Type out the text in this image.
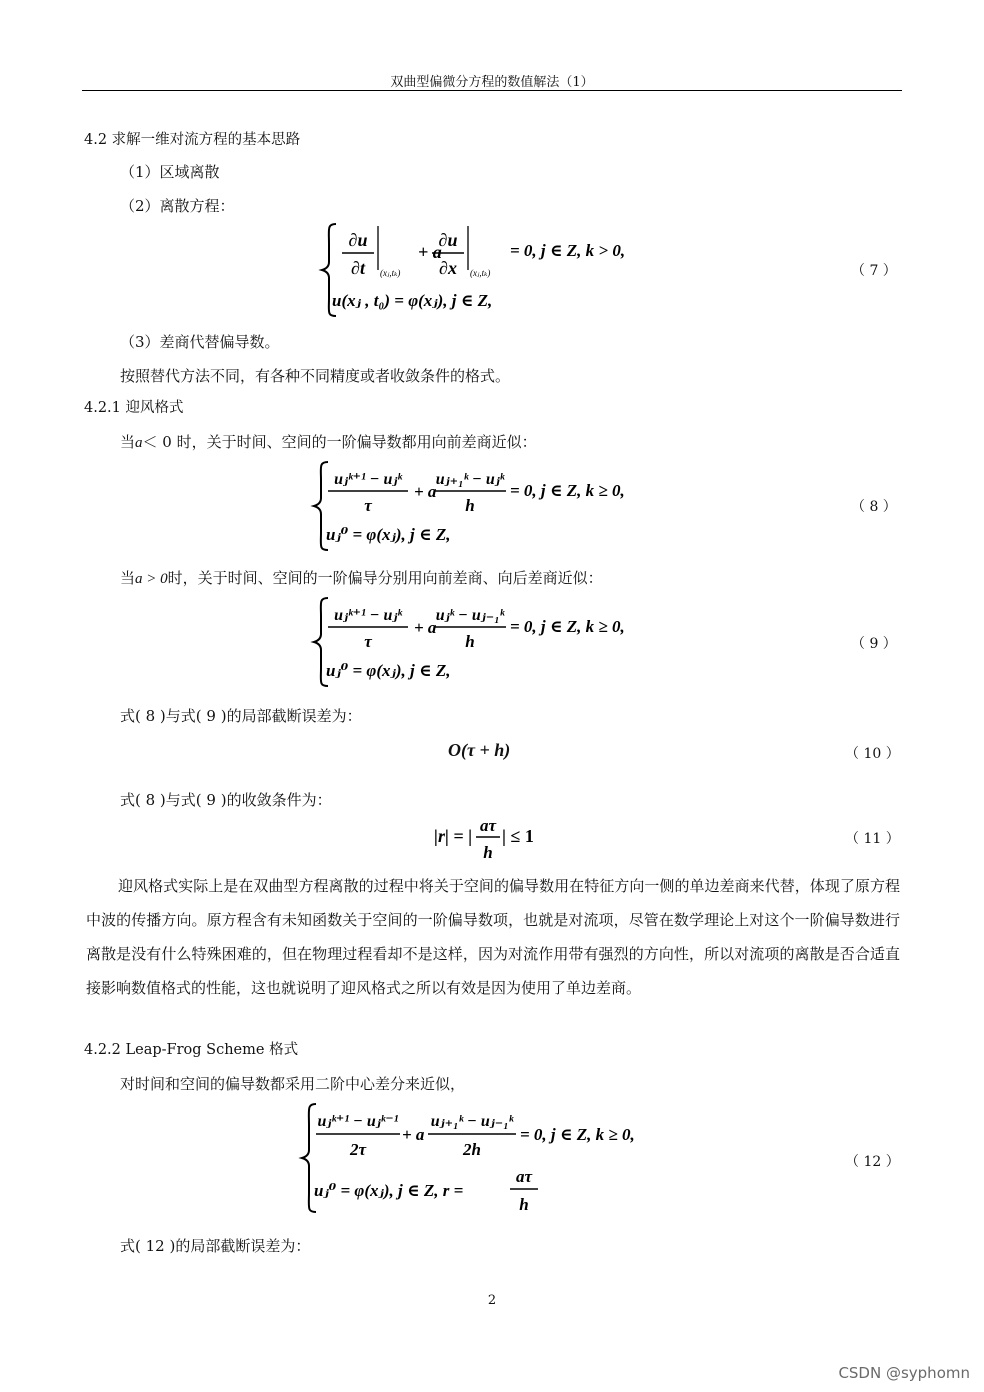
双曲型偏微分方程的数值解法（1）
4.2 求解一维对流方程的基本思路
（1）区域离散
（2）离散方程：
∂u
∂t (xⱼ,tₖ)
+ a
∂u
∂x (xⱼ,tₖ)
= 0, j ∈ Z, k > 0,
u(xⱼ , t₀) = φ(xⱼ), j ∈ Z,
（ 7 ）
（3）差商代替偏导数。
按照替代方法不同，有各种不同精度或者收敛条件的格式。
4.2.1 迎风格式
当a＜ 0 时，关于时间、空间的一阶偏导数都用向前差商近似：
uⱼᵏ⁺¹ − uⱼᵏ
τ
+ a
uⱼ₊₁ᵏ − uⱼᵏ
h
= 0, j ∈ Z, k ≥ 0,
uⱼ⁰ = φ(xⱼ), j ∈ Z,
（ 8 ）
当a > 0时，关于时间、空间的一阶偏导分别用向前差商、向后差商近似：
uⱼᵏ⁺¹ − uⱼᵏ
τ
+ a
uⱼᵏ − uⱼ₋₁ᵏ
h
= 0, j ∈ Z, k ≥ 0,
uⱼ⁰ = φ(xⱼ), j ∈ Z,
（ 9 ）
式( 8 )与式( 9 )的局部截断误差为：
O(τ + h)	（ 10 ）
式( 8 )与式( 9 )的收敛条件为：
|r| = |
aτ
h
| ≤ 1	（ 11 ）
迎风格式实际上是在双曲型方程离散的过程中将关于空间的偏导数用在特征方向一侧的单边差商来代替，体现了原方程中波的传播方向。原方程含有未知函数关于空间的一阶偏导数项，也就是对流项，尽管在数学理论上对这个一阶偏导数进行离散是没有什么特殊困难的，但在物理过程看却不是这样，因为对流作用带有强烈的方向性，所以对流项的离散是否合适直接影响数值格式的性能，这也就说明了迎风格式之所以有效是因为使用了单边差商。
4.2.2 Leap-Frog Scheme 格式
对时间和空间的偏导数都采用二阶中心差分来近似，
uⱼᵏ⁺¹ − uⱼᵏ⁻¹
2τ
+ a
uⱼ₊₁ᵏ − uⱼ₋₁ᵏ
2h
= 0, j ∈ Z, k ≥ 0,
uⱼ⁰ = φ(xⱼ), j ∈ Z, r =
aτ
h
（ 12 ）
式( 12 )的局部截断误差为：
2
CSDN @syphomn
